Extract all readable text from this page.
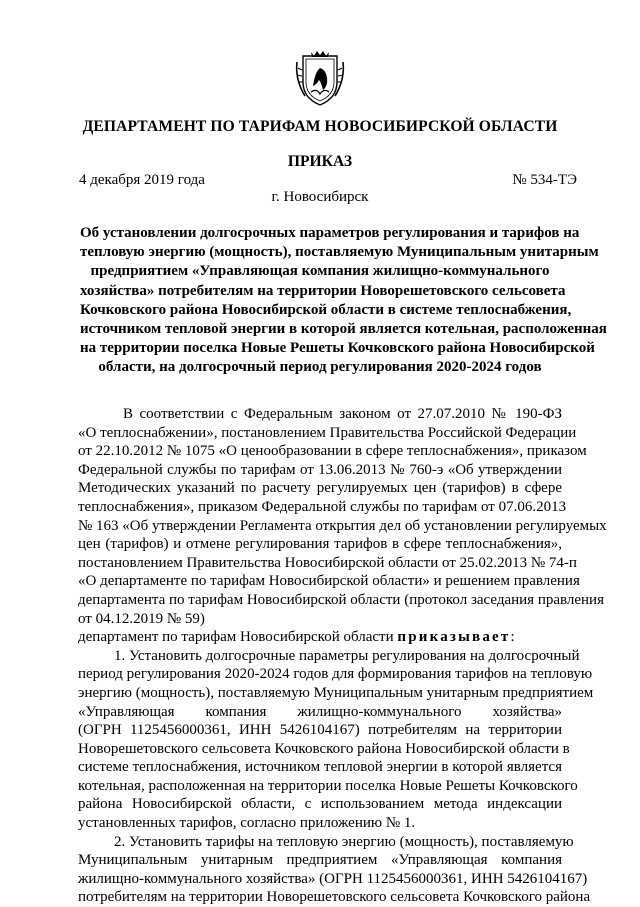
ДЕПАРТАМЕНТ ПО ТАРИФАМ НОВОСИБИРСКОЙ ОБЛАСТИ
ПРИКАЗ
4 декабря 2019 года	№ 534-ТЭ
г. Новосибирск
Об установлении долгосрочных параметров регулирования и тарифов на
тепловую энергию (мощность), поставляемую Муниципальным унитарным
предприятием «Управляющая компания жилищно-коммунального
хозяйства» потребителям на территории Новорешетовского сельсовета
Кочковского района Новосибирской области в системе теплоснабжения,
источником тепловой энергии в которой является котельная, расположенная
на территории поселка Новые Решеты Кочковского района Новосибирской
области, на долгосрочный период регулирования 2020-2024 годов
В соответствии с Федеральным законом от 27.07.2010 № 190-ФЗ
«О теплоснабжении», постановлением Правительства Российской Федерации
от 22.10.2012 № 1075 «О ценообразовании в сфере теплоснабжения», приказом
Федеральной службы по тарифам от 13.06.2013 № 760-э «Об утверждении
Методических указаний по расчету регулируемых цен (тарифов) в сфере
теплоснабжения», приказом Федеральной службы по тарифам от 07.06.2013
№ 163 «Об утверждении Регламента открытия дел об установлении регулируемых
цен (тарифов) и отмене регулирования тарифов в сфере теплоснабжения»,
постановлением Правительства Новосибирской области от 25.02.2013 № 74-п
«О департаменте по тарифам Новосибирской области» и решением правления
департамента по тарифам Новосибирской области (протокол заседания правления
от 04.12.2019 № 59)
департамент по тарифам Новосибирской области приказывает:
1. Установить долгосрочные параметры регулирования на долгосрочный
период регулирования 2020-2024 годов для формирования тарифов на тепловую
энергию (мощность), поставляемую Муниципальным унитарным предприятием
«Управляющая компания жилищно-коммунального хозяйства»
(ОГРН 1125456000361, ИНН 5426104167) потребителям на территории
Новорешетовского сельсовета Кочковского района Новосибирской области в
системе теплоснабжения, источником тепловой энергии в которой является
котельная, расположенная на территории поселка Новые Решеты Кочковского
района Новосибирской области, с использованием метода индексации
установленных тарифов, согласно приложению № 1.
2. Установить тарифы на тепловую энергию (мощность), поставляемую
Муниципальным унитарным предприятием «Управляющая компания
жилищно-коммунального хозяйства» (ОГРН 1125456000361, ИНН 5426104167)
потребителям на территории Новорешетовского сельсовета Кочковского района
